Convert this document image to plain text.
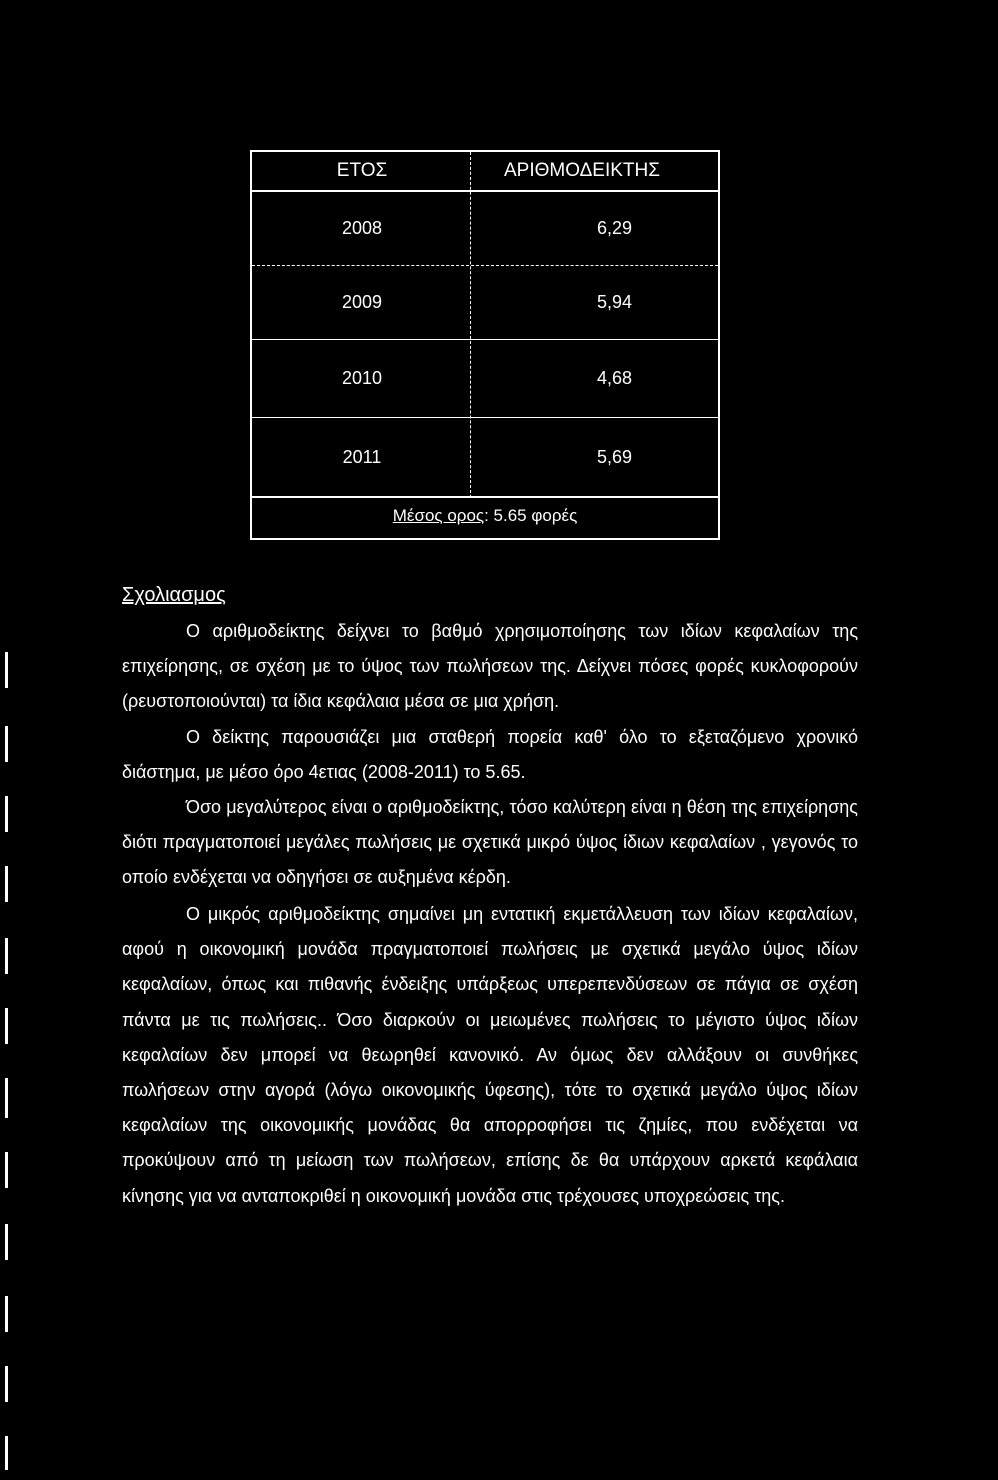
ΕΤΟΣ	ΑΡΙΘΜΟΔΕΙΚΤΗΣ
2008	6,29
2009	5,94
2010	4,68
2011	5,69
Μέσος ορος : 5.65 φορές
Σχολιασμος

Ο αριθμοδείκτης δείχνει το βαθμό χρησιμοποίησης των ιδίων κεφαλαίων της επιχείρησης, σε σχέση με το ύψος των πωλήσεων της. Δείχνει πόσες φορές κυκλοφορούν (ρευστοποιούνται) τα ίδια κεφάλαια μέσα σε μια χρήση.

Ο δείκτης παρουσιάζει μια σταθερή πορεία καθ' όλο το εξεταζόμενο χρονικό διάστημα, με μέσο όρο 4ετιας (2008-2011) το 5.65.

Όσο μεγαλύτερος είναι ο αριθμοδείκτης, τόσο καλύτερη είναι η θέση της επιχείρησης διότι πραγματοποιεί μεγάλες πωλήσεις με σχετικά μικρό ύψος ίδιων κεφαλαίων , γεγονός το οποίο ενδέχεται να οδηγήσει σε αυξημένα κέρδη.

Ο μικρός αριθμοδείκτης σημαίνει μη εντατική εκμετάλλευση των ιδίων κεφαλαίων, αφού η οικονομική μονάδα πραγματοποιεί πωλήσεις με σχετικά μεγάλο ύψος ιδίων κεφαλαίων, όπως και πιθανής ένδειξης υπάρξεως υπερεπενδύσεων σε πάγια σε σχέση πάντα με τις πωλήσεις.. Όσο διαρκούν οι μειωμένες πωλήσεις το μέγιστο ύψος ιδίων κεφαλαίων δεν μπορεί να θεωρηθεί κανονικό. Αν όμως δεν αλλάξουν οι συνθήκες πωλήσεων στην αγορά (λόγω οικονομικής ύφεσης), τότε το σχετικά μεγάλο ύψος ιδίων κεφαλαίων της οικονομικής μονάδας θα απορροφήσει τις ζημίες, που ενδέχεται να προκύψουν από τη μείωση των πωλήσεων, επίσης δε θα υπάρχουν αρκετά κεφάλαια κίνησης για να ανταποκριθεί η οικονομική μονάδα στις τρέχουσες υποχρεώσεις της.
